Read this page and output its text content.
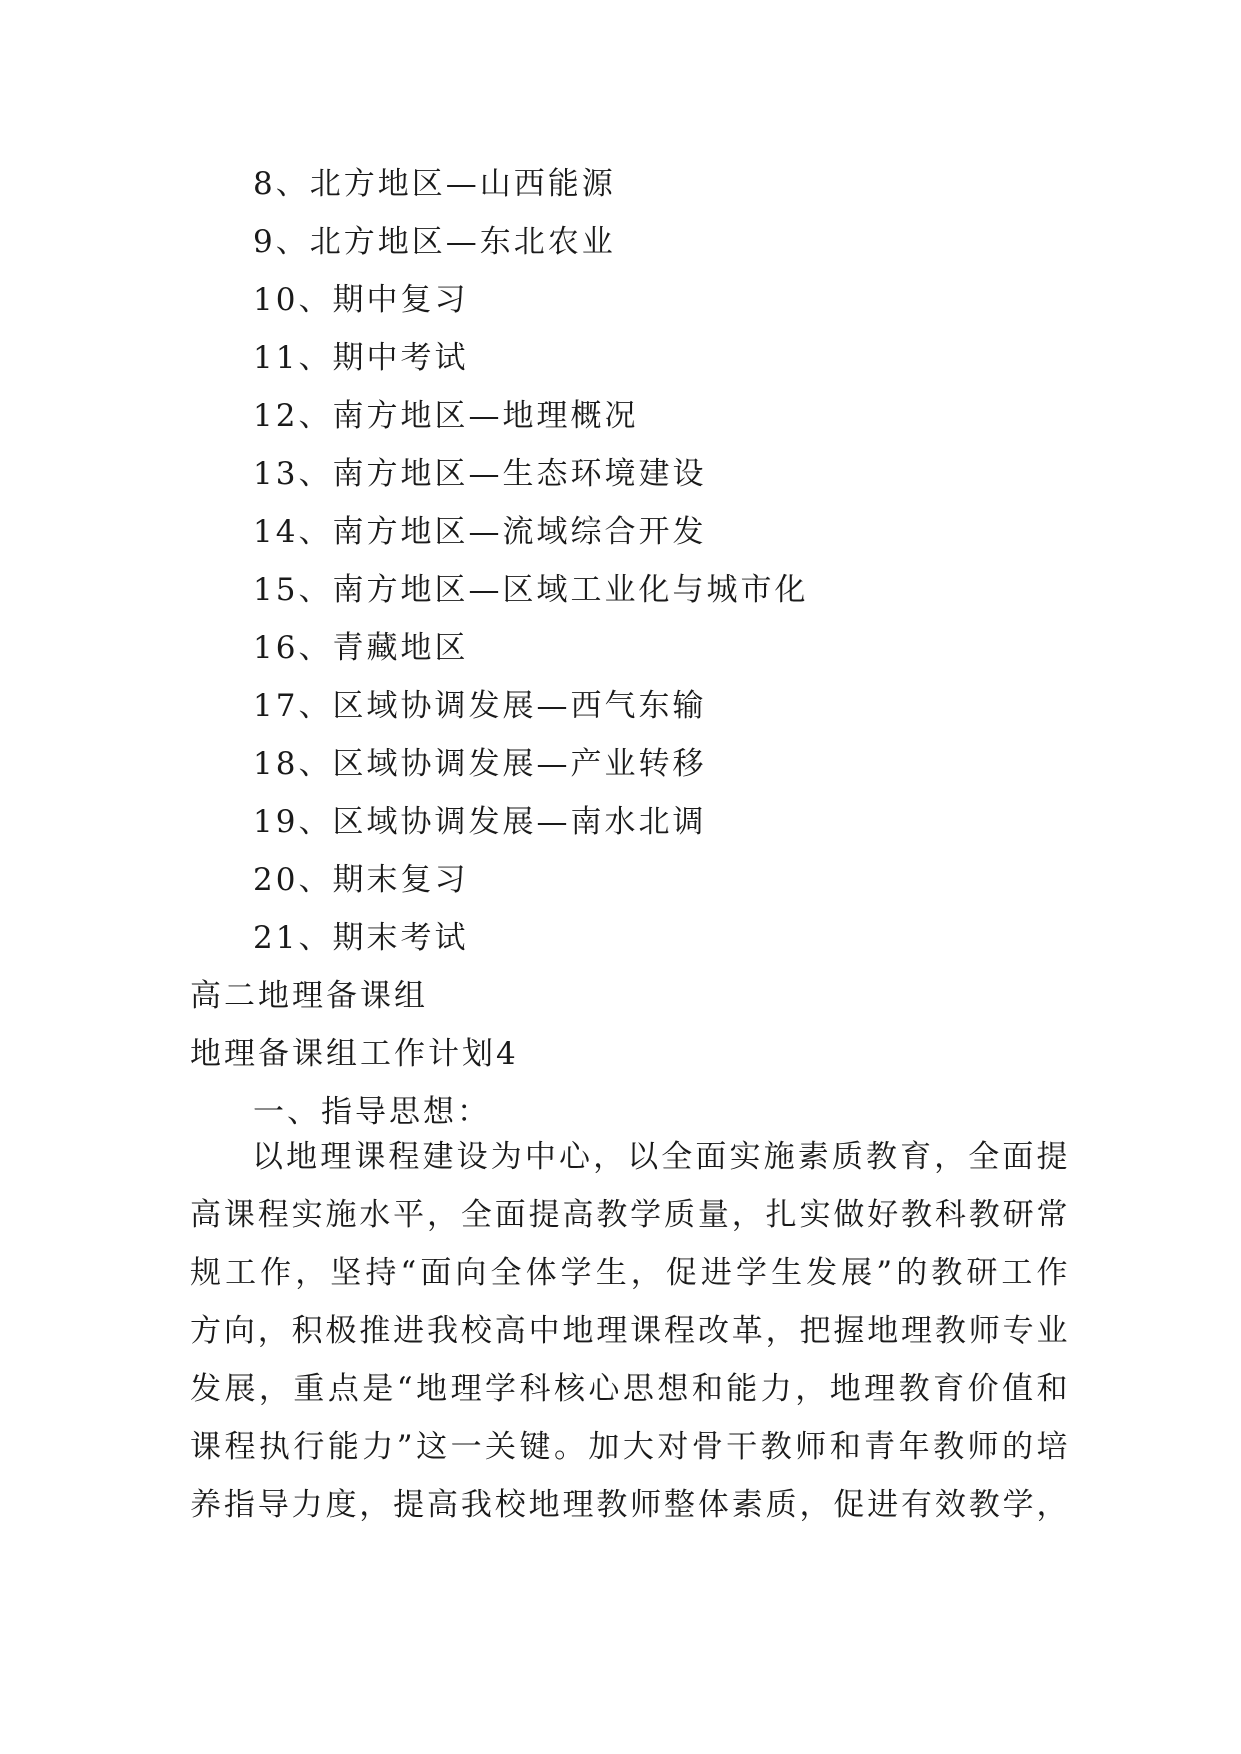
8、北方地区—山西能源
9、北方地区—东北农业
10、期中复习
11、期中考试
12、南方地区—地理概况
13、南方地区—生态环境建设
14、南方地区—流域综合开发
15、南方地区—区域工业化与城市化
16、青藏地区
17、区域协调发展—西气东输
18、区域协调发展—产业转移
19、区域协调发展—南水北调
20、期末复习
21、期末考试
高二地理备课组
地理备课组工作计划4
一、指导思想：
以地理课程建设为中心，以全面实施素质教育，全面提
高课程实施水平，全面提高教学质量，扎实做好教科教研常
规工作，坚持“面向全体学生，促进学生发展”的教研工作
方向，积极推进我校高中地理课程改革，把握地理教师专业
发展，重点是“地理学科核心思想和能力，地理教育价值和
课程执行能力”这一关键。加大对骨干教师和青年教师的培
养指导力度，提高我校地理教师整体素质，促进有效教学，
